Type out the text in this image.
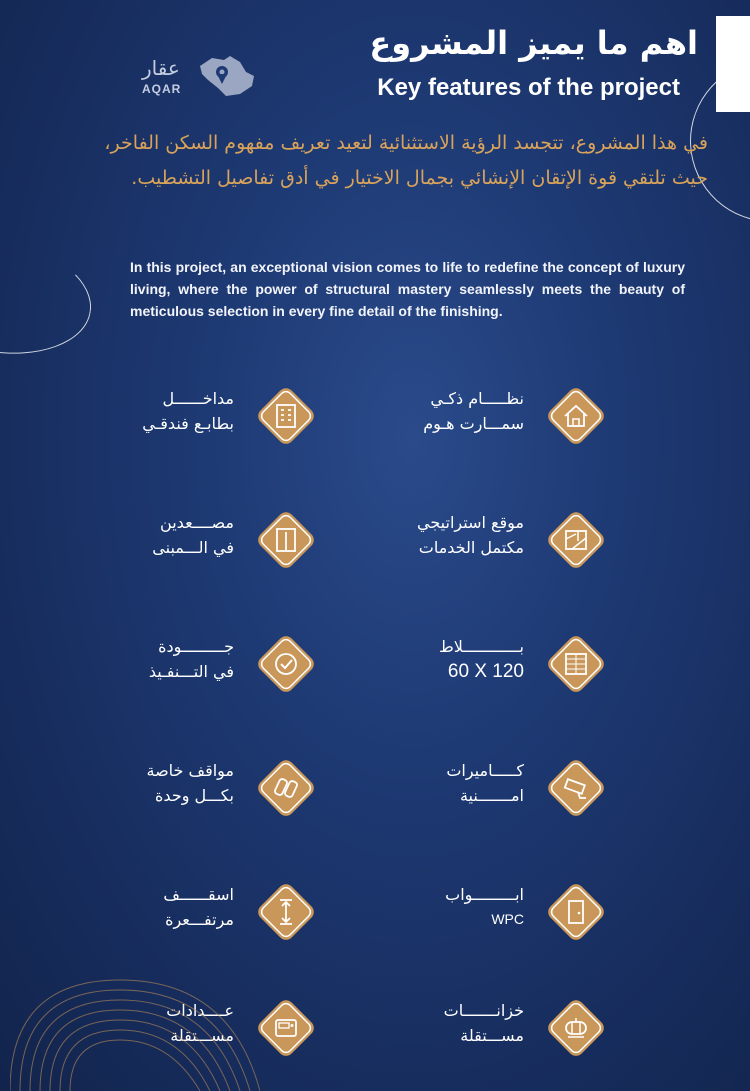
عقار
AQAR
اهم ما يميز المشروع
Key features of the project
في هذا المشروع، تتجسد الرؤية الاستثنائية لتعيد تعريف مفهوم السكن الفاخر، حيث تلتقي قوة الإتقان الإنشائي بجمال الاختيار في أدق تفاصيل التشطيب.
In this project, an exceptional vision comes to life to redefine the concept of luxury living, where the power of structural mastery seamlessly meets the beauty of meticulous selection in every fine detail of the finishing.
نظـــــام ذكـي
سمـــارت هـوم
مداخــــــل
بطابـع فندقـي
موقع استراتيجي
مكتمل الخدمات
مصــــعدين
في الـــمبنى
بــــــــــــلاط
60 X 120
جـــــــــودة
في التـــنفـيذ
كـــــاميرات
امـــــــنية
مواقف خاصة
بكـــل وحدة
ابـــــــــواب
WPC
اسقــــــف
مرتفـــعرة
خزانـــــــات
مســـتقلة
عــــدادات
مســـتقلة
